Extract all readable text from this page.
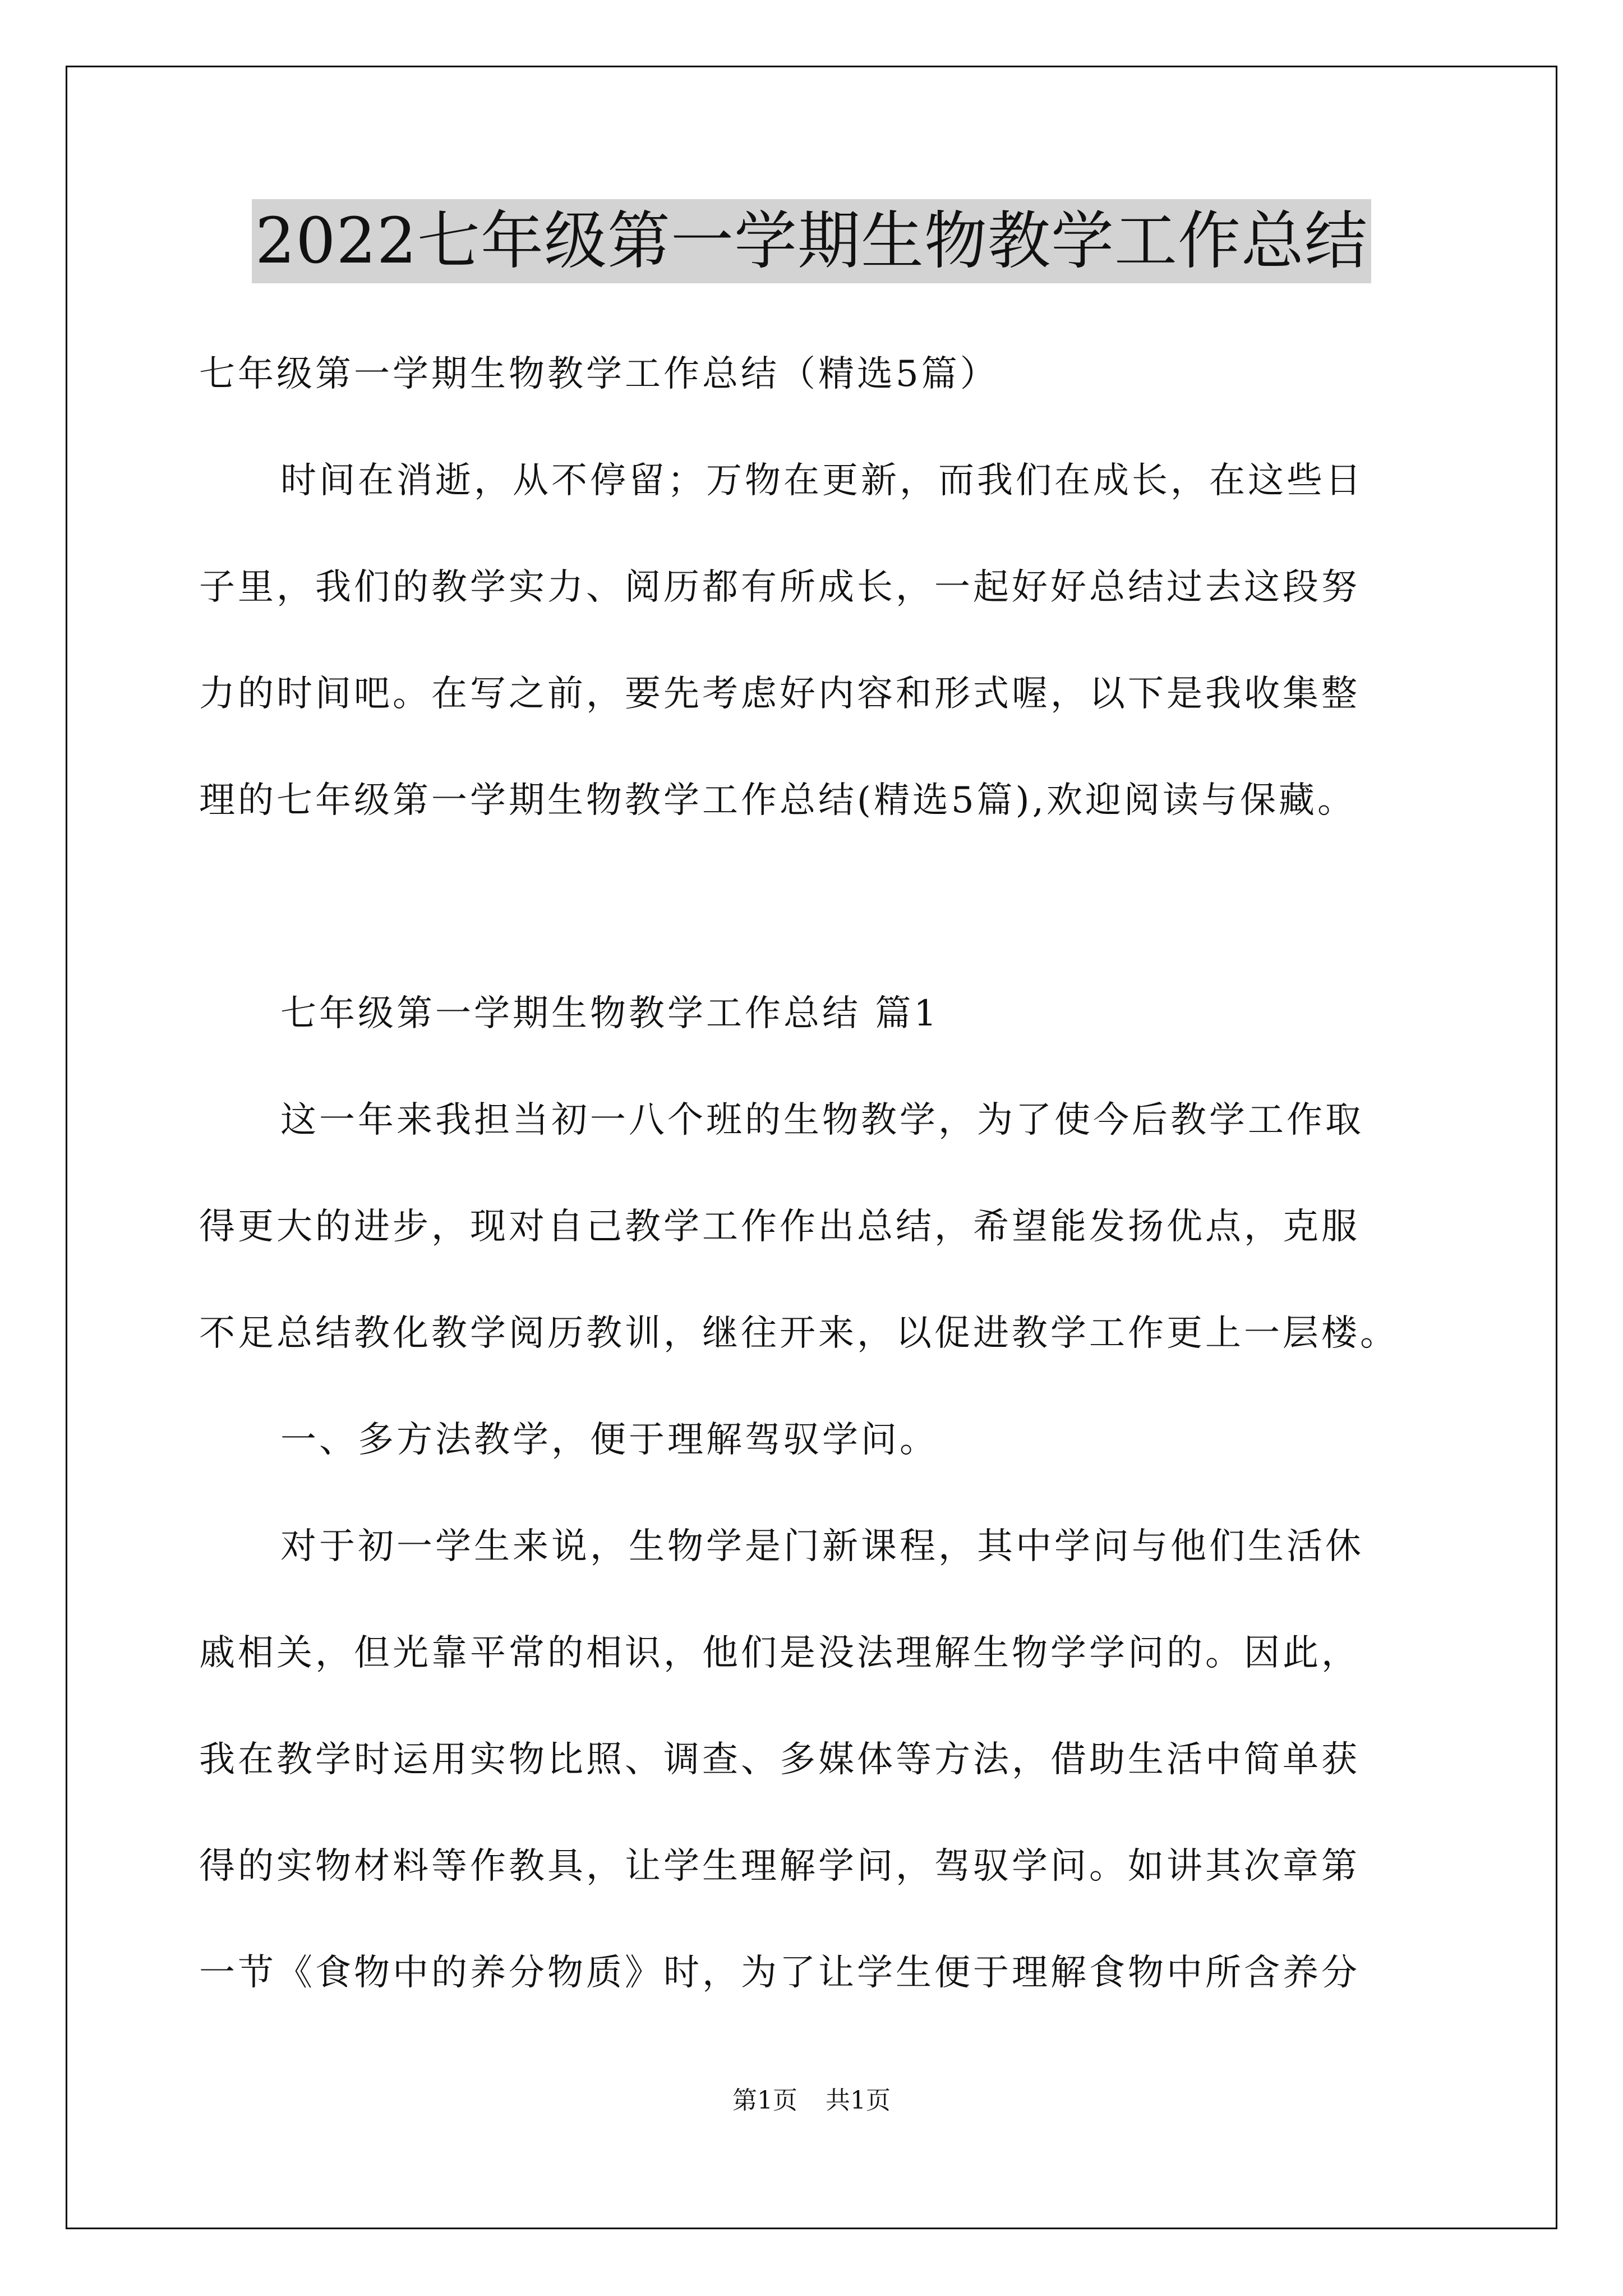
2022七年级第一学期生物教学工作总结
七年级第一学期生物教学工作总结（精选5篇）
时间在消逝，从不停留；万物在更新，而我们在成长，在这些日
子里，我们的教学实力、阅历都有所成长，一起好好总结过去这段努
力的时间吧。在写之前，要先考虑好内容和形式喔，以下是我收集整
理的七年级第一学期生物教学工作总结(精选5篇),欢迎阅读与保藏。
七年级第一学期生物教学工作总结 篇1
这一年来我担当初一八个班的生物教学，为了使今后教学工作取
得更大的进步，现对自己教学工作作出总结，希望能发扬优点，克服
不足总结教化教学阅历教训，继往开来，以促进教学工作更上一层楼。
一、多方法教学，便于理解驾驭学问。
对于初一学生来说，生物学是门新课程，其中学问与他们生活休
戚相关，但光靠平常的相识，他们是没法理解生物学学问的。因此，
我在教学时运用实物比照、调查、多媒体等方法，借助生活中简单获
得的实物材料等作教具，让学生理解学问，驾驭学问。如讲其次章第
一节《食物中的养分物质》时，为了让学生便于理解食物中所含养分
第1页 共1页
